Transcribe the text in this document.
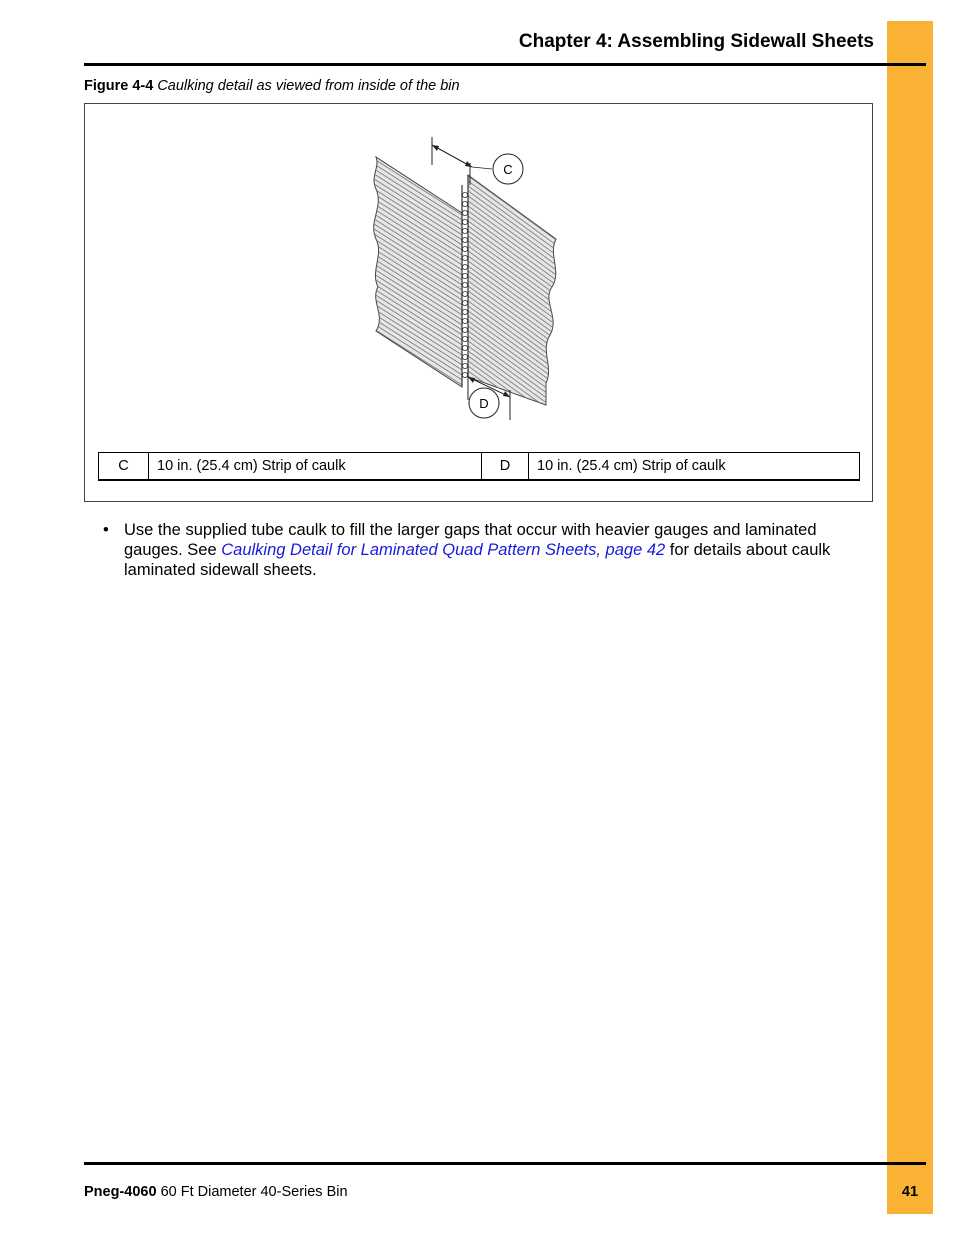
Chapter 4: Assembling Sidewall Sheets
Figure 4-4 Caulking detail as viewed from inside of the bin
C
D
C	10 in. (25.4 cm) Strip of caulk	D	10 in. (25.4 cm) Strip of caulk
• Use the supplied tube caulk to fill the larger gaps that occur with heavier gauges and laminated gauges. See Caulking Detail for Laminated Quad Pattern Sheets, page 42 for details about caulk laminated sidewall sheets.
Pneg-4060 60 Ft Diameter 40-Series Bin	41
